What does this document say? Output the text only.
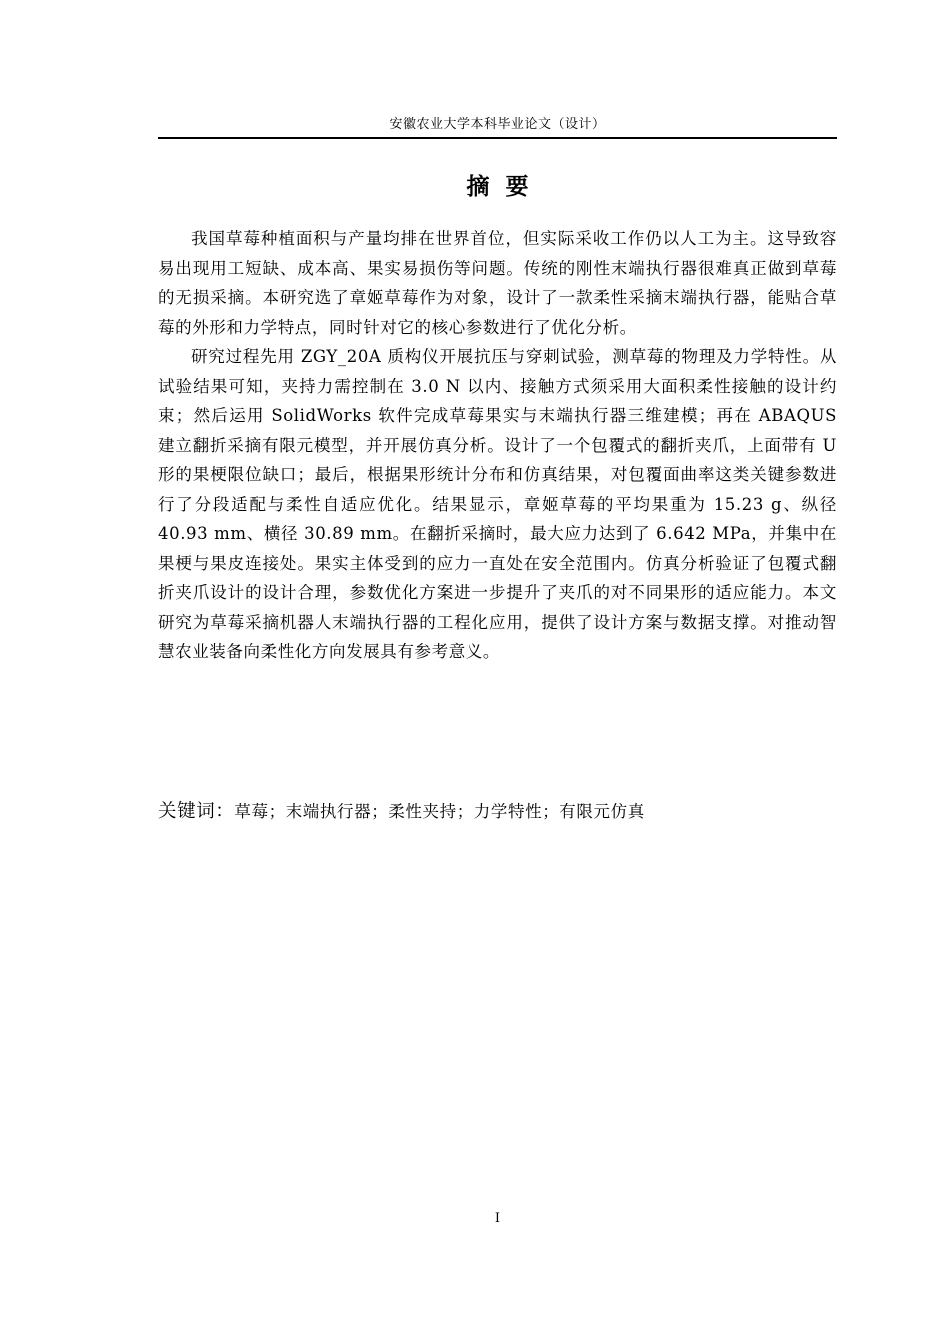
安徽农业大学本科毕业论文（设计）
摘要

我国草莓种植面积与产量均排在世界首位，但实际采收工作仍以人工为主。这导致容易出现用工短缺、成本高、果实易损伤等问题。传统的刚性末端执行器很难真正做到草莓的无损采摘。本研究选了章姬草莓作为对象，设计了一款柔性采摘末端执行器，能贴合草莓的外形和力学特点，同时针对它的核心参数进行了优化分析。

研究过程先用 ZGY_20A 质构仪开展抗压与穿刺试验，测草莓的物理及力学特性。从试验结果可知，夹持力需控制在 3.0 N 以内、接触方式须采用大面积柔性接触的设计约束；然后运用 SolidWorks 软件完成草莓果实与末端执行器三维建模；再在 ABAQUS 建立翻折采摘有限元模型，并开展仿真分析。设计了一个包覆式的翻折夹爪，上面带有 U 形的果梗限位缺口；最后，根据果形统计分布和仿真结果，对包覆面曲率这类关键参数进行了分段适配与柔性自适应优化。结果显示，章姬草莓的平均果重为 15.23 g、纵径 40.93 mm、横径 30.89 mm。在翻折采摘时，最大应力达到了 6.642 MPa，并集中在果梗与果皮连接处。果实主体受到的应力一直处在安全范围内。仿真分析验证了包覆式翻折夹爪设计的设计合理，参数优化方案进一步提升了夹爪的对不同果形的适应能力。本文研究为草莓采摘机器人末端执行器的工程化应用，提供了设计方案与数据支撑。对推动智慧农业装备向柔性化方向发展具有参考意义。

关键词：草莓；末端执行器；柔性夹持；力学特性；有限元仿真
I
